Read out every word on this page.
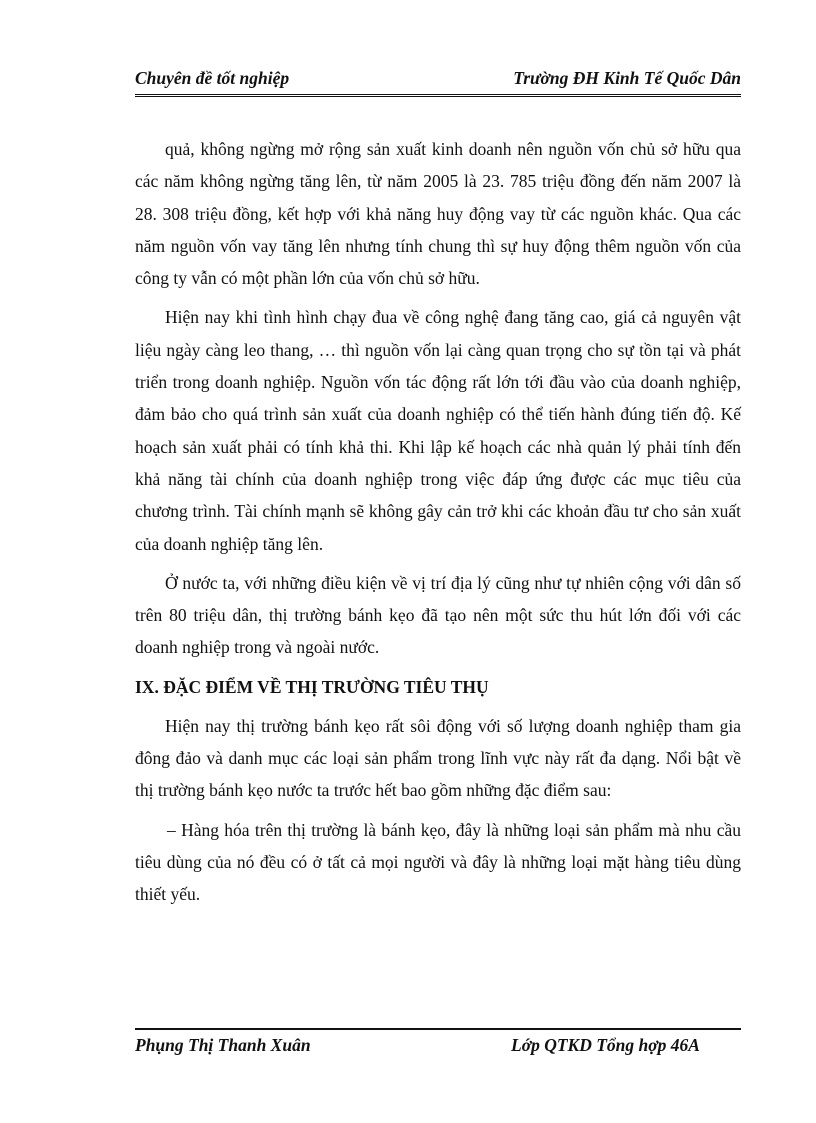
Chuyên đề tốt nghiệp	Trường ĐH Kinh Tế Quốc Dân

quả, không ngừng mở rộng sản xuất kinh doanh nên nguồn vốn chủ sở hữu qua các năm không ngừng tăng lên, từ năm 2005 là 23. 785 triệu đồng đến năm 2007 là 28. 308 triệu đồng, kết hợp với khả năng huy động vay từ các nguồn khác. Qua các năm nguồn vốn vay tăng lên nhưng tính chung thì sự huy động thêm nguồn vốn của công ty vẫn có một phần lớn của vốn chủ sở hữu.

Hiện nay khi tình hình chạy đua về công nghệ đang tăng cao, giá cả nguyên vật liệu ngày càng leo thang, … thì nguồn vốn lại càng quan trọng cho sự tồn tại và phát triển trong doanh nghiệp. Nguồn vốn tác động rất lớn tới đầu vào của doanh nghiệp, đảm bảo cho quá trình sản xuất của doanh nghiệp có thể tiến hành đúng tiến độ. Kế hoạch sản xuất phải có tính khả thi. Khi lập kế hoạch các nhà quản lý phải tính đến khả năng tài chính của doanh nghiệp trong việc đáp ứng được các mục tiêu của chương trình. Tài chính mạnh sẽ không gây cản trở khi các khoản đầu tư cho sản xuất của doanh nghiệp tăng lên.

Ở nước ta, với những điều kiện về vị trí địa lý cũng như tự nhiên cộng với dân số trên 80 triệu dân, thị trường bánh kẹo đã tạo nên một sức thu hút lớn đối với các doanh nghiệp trong và ngoài nước.

IX. ĐẶC ĐIỂM VỀ THỊ TRƯỜNG TIÊU THỤ

Hiện nay thị trường bánh kẹo rất sôi động với số lượng doanh nghiệp tham gia đông đảo và danh mục các loại sản phẩm trong lĩnh vực này rất đa dạng. Nổi bật về thị trường bánh kẹo nước ta trước hết bao gồm những đặc điểm sau:

– Hàng hóa trên thị trường là bánh kẹo, đây là những loại sản phẩm mà nhu cầu tiêu dùng của nó đều có ở tất cả mọi người và đây là những loại mặt hàng tiêu dùng thiết yếu.

Phụng Thị Thanh Xuân	Lớp QTKD Tổng hợp 46A
